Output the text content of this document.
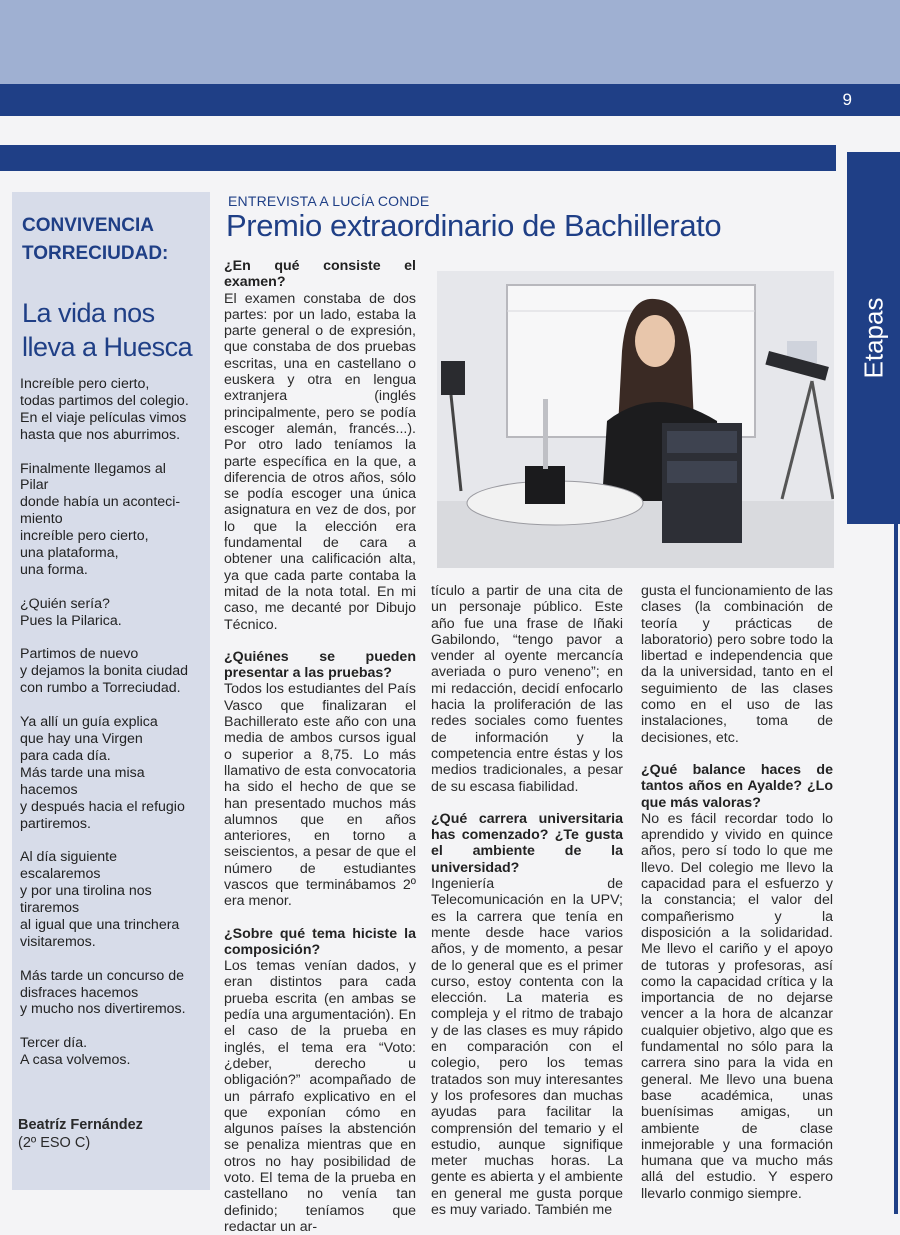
9
Etapas
CONVIVENCIA TORRECIUDAD:
La vida nos lleva a Huesca

Increíble pero cierto,
todas partimos del colegio.
En el viaje películas vimos
hasta que nos aburrimos.

Finalmente llegamos al
Pilar
donde había un aconteci-
miento
increíble pero cierto,
una plataforma,
una forma.

¿Quién sería?
Pues la Pilarica.

Partimos de nuevo
y dejamos la bonita ciudad
con rumbo a Torreciudad.

Ya allí un guía explica
que hay una Virgen
para cada día.
Más tarde una misa
hacemos
y después hacia el refugio
partiremos.

Al día siguiente
escalaremos
y por una tirolina nos
tiraremos
al igual que una trinchera
visitaremos.

Más tarde un concurso de
disfraces hacemos
y mucho nos divertiremos.

Tercer día.
A casa volvemos.

Beatríz Fernández
(2º ESO C)
ENTREVISTA A LUCÍA CONDE
Premio extraordinario de Bachillerato

¿En qué consiste el examen?
El examen constaba de dos partes: por un lado, estaba la parte general o de expresión, que constaba de dos pruebas escritas, una en castellano o euskera y otra en lengua extranjera (inglés principalmente, pero se podía escoger alemán, francés...). Por otro lado teníamos la parte específica en la que, a diferencia de otros años, sólo se podía escoger una única asignatura en vez de dos, por lo que la elección era fundamental de cara a obtener una calificación alta, ya que cada parte contaba la mitad de la nota total. En mi caso, me decanté por Dibujo Técnico.

¿Quiénes se pueden presentar a las pruebas?
Todos los estudiantes del País Vasco que finalizaran el Bachillerato este año con una media de ambos cursos igual o superior a 8,75. Lo más llamativo de esta convocatoria ha sido el hecho de que se han presentado muchos más alumnos que en años anteriores, en torno a seiscientos, a pesar de que el número de estudiantes vascos que terminábamos 2º era menor.

¿Sobre qué tema hiciste la composición?
Los temas venían dados, y eran distintos para cada prueba escrita (en ambas se pedía una argumentación). En el caso de la prueba en inglés, el tema era “Voto: ¿deber, derecho u obligación?” acompañado de un párrafo explicativo en el que exponían cómo en algunos países la abstención se penaliza mientras que en otros no hay posibilidad de voto. El tema de la prueba en castellano no venía tan definido; teníamos que redactar un ar-

tículo a partir de una cita de un personaje público. Este año fue una frase de Iñaki Gabilondo, “tengo pavor a vender al oyente mercancía averiada o puro veneno”; en mi redacción, decidí enfocarlo hacia la proliferación de las redes sociales como fuentes de información y la competencia entre éstas y los medios tradicionales, a pesar de su escasa fiabilidad.

¿Qué carrera universitaria has comenzado? ¿Te gusta el ambiente de la universidad?
Ingeniería de Telecomunicación en la UPV; es la carrera que tenía en mente desde hace varios años, y de momento, a pesar de lo general que es el primer curso, estoy contenta con la elección. La materia es compleja y el ritmo de trabajo y de las clases es muy rápido en comparación con el colegio, pero los temas tratados son muy interesantes y los profesores dan muchas ayudas para facilitar la comprensión del temario y el estudio, aunque signifique meter muchas horas. La gente es abierta y el ambiente en general me gusta porque es muy variado. También me

gusta el funcionamiento de las clases (la combinación de teoría y prácticas de laboratorio) pero sobre todo la libertad e independencia que da la universidad, tanto en el seguimiento de las clases como en el uso de las instalaciones, toma de decisiones, etc.

¿Qué balance haces de tantos años en Ayalde? ¿Lo que más valoras?
No es fácil recordar todo lo aprendido y vivido en quince años, pero sí todo lo que me llevo. Del colegio me llevo la capacidad para el esfuerzo y la constancia; el valor del compañerismo y la disposición a la solidaridad. Me llevo el cariño y el apoyo de tutoras y profesoras, así como la capacidad crítica y la importancia de no dejarse vencer a la hora de alcanzar cualquier objetivo, algo que es fundamental no sólo para la carrera sino para la vida en general. Me llevo una buena base académica, unas buenísimas amigas, un ambiente de clase inmejorable y una formación humana que va mucho más allá del estudio. Y espero llevarlo conmigo siempre.
